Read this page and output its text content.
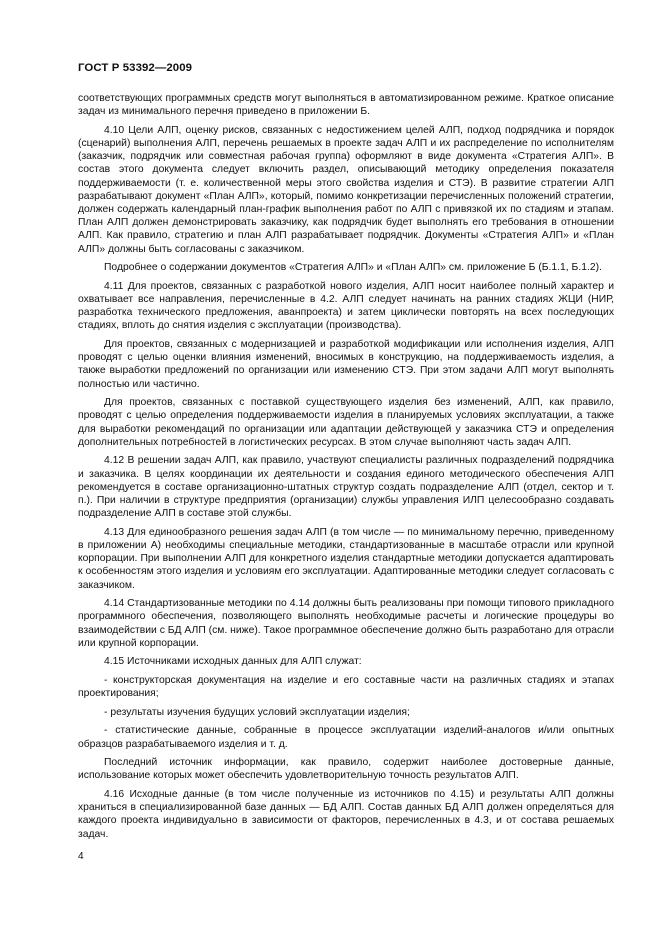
ГОСТ Р 53392—2009

соответствующих программных средств могут выполняться в автоматизированном режиме. Краткое описание задач из минимального перечня приведено в приложении Б.

4.10 Цели АЛП, оценку рисков, связанных с недостижением целей АЛП, подход подрядчика и порядок (сценарий) выполнения АЛП, перечень решаемых в проекте задач АЛП и их распределение по исполнителям (заказчик, подрядчик или совместная рабочая группа) оформляют в виде документа «Стратегия АЛП». В состав этого документа следует включить раздел, описывающий методику определения показателя поддерживаемости (т. е. количественной меры этого свойства изделия и СТЭ). В развитие стратегии АЛП разрабатывают документ «План АЛП», который, помимо конкретизации перечисленных положений стратегии, должен содержать календарный план-график выполнения работ по АЛП с привязкой их по стадиям и этапам. План АЛП должен демонстрировать заказчику, как подрядчик будет выполнять его требования в отношении АЛП. Как правило, стратегию и план АЛП разрабатывает подрядчик. Документы «Стратегия АЛП» и «План АЛП» должны быть согласованы с заказчиком.

Подробнее о содержании документов «Стратегия АЛП» и «План АЛП» см. приложение Б (Б.1.1, Б.1.2).

4.11 Для проектов, связанных с разработкой нового изделия, АЛП носит наиболее полный характер и охватывает все направления, перечисленные в 4.2. АЛП следует начинать на ранних стадиях ЖЦИ (НИР, разработка технического предложения, аванпроекта) и затем циклически повторять на всех последующих стадиях, вплоть до снятия изделия с эксплуатации (производства).

Для проектов, связанных с модернизацией и разработкой модификации или исполнения изделия, АЛП проводят с целью оценки влияния изменений, вносимых в конструкцию, на поддерживаемость изделия, а также выработки предложений по организации или изменению СТЭ. При этом задачи АЛП могут выполнять полностью или частично.

Для проектов, связанных с поставкой существующего изделия без изменений, АЛП, как правило, проводят с целью определения поддерживаемости изделия в планируемых условиях эксплуатации, а также для выработки рекомендаций по организации или адаптации действующей у заказчика СТЭ и определения дополнительных потребностей в логистических ресурсах. В этом случае выполняют часть задач АЛП.

4.12 В решении задач АЛП, как правило, участвуют специалисты различных подразделений подрядчика и заказчика. В целях координации их деятельности и создания единого методического обеспечения АЛП рекомендуется в составе организационно-штатных структур создать подразделение АЛП (отдел, сектор и т. п.). При наличии в структуре предприятия (организации) службы управления ИЛП целесообразно создавать подразделение АЛП в составе этой службы.

4.13 Для единообразного решения задач АЛП (в том числе — по минимальному перечню, приведенному в приложении А) необходимы специальные методики, стандартизованные в масштабе отрасли или крупной корпорации. При выполнении АЛП для конкретного изделия стандартные методики допускается адаптировать к особенностям этого изделия и условиям его эксплуатации. Адаптированные методики следует согласовать с заказчиком.

4.14 Стандартизованные методики по 4.14 должны быть реализованы при помощи типового прикладного программного обеспечения, позволяющего выполнять необходимые расчеты и логические процедуры во взаимодействии с БД АЛП (см. ниже). Такое программное обеспечение должно быть разработано для отрасли или крупной корпорации.

4.15 Источниками исходных данных для АЛП служат:

- конструкторская документация на изделие и его составные части на различных стадиях и этапах проектирования;

- результаты изучения будущих условий эксплуатации изделия;

- статистические данные, собранные в процессе эксплуатации изделий-аналогов и/или опытных образцов разрабатываемого изделия и т. д.

Последний источник информации, как правило, содержит наиболее достоверные данные, использование которых может обеспечить удовлетворительную точность результатов АЛП.

4.16 Исходные данные (в том числе полученные из источников по 4.15) и результаты АЛП должны храниться в специализированной базе данных — БД АЛП. Состав данных БД АЛП должен определяться для каждого проекта индивидуально в зависимости от факторов, перечисленных в 4.3, и от состава решаемых задач.

4
